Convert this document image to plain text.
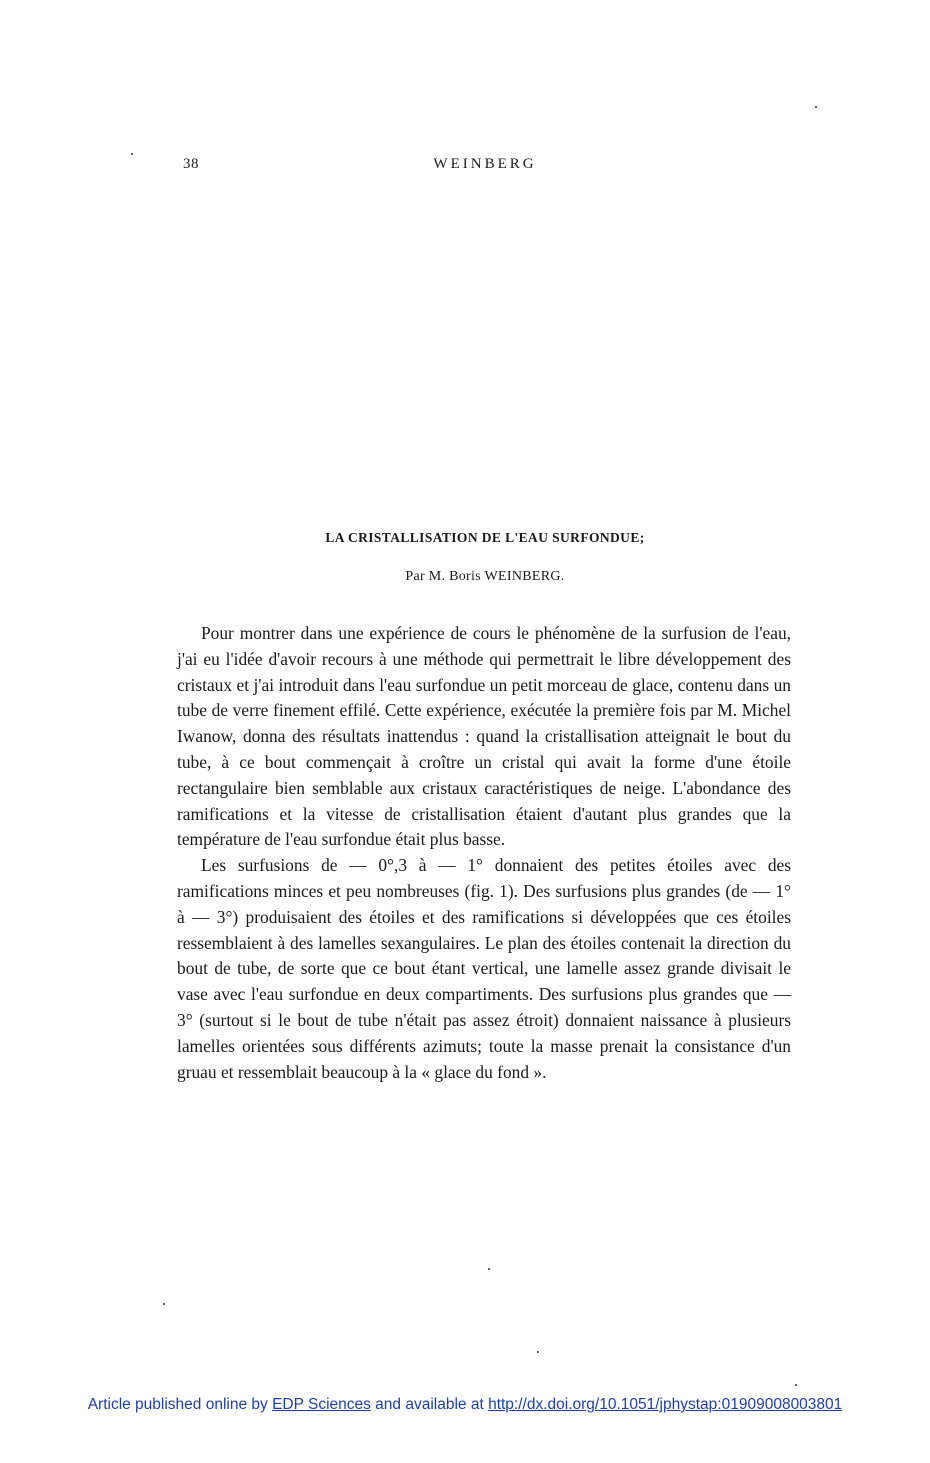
38	WEINBERG
LA CRISTALLISATION DE L'EAU SURFONDUE;
Par M. Boris WEINBERG.

Pour montrer dans une expérience de cours le phénomène de la surfusion de l'eau, j'ai eu l'idée d'avoir recours à une méthode qui permettrait le libre développement des cristaux et j'ai introduit dans l'eau surfondue un petit morceau de glace, contenu dans un tube de verre finement effilé. Cette expérience, exécutée la première fois par M. Michel Iwanow, donna des résultats inattendus : quand la cristallisation atteignait le bout du tube, à ce bout commençait à croître un cristal qui avait la forme d'une étoile rectangulaire bien semblable aux cristaux caractéristiques de neige. L'abondance des ramifications et la vitesse de cristallisation étaient d'autant plus grandes que la température de l'eau surfondue était plus basse.

Les surfusions de — 0°,3 à — 1° donnaient des petites étoiles avec des ramifications minces et peu nombreuses (fig. 1). Des surfusions plus grandes (de — 1° à — 3°) produisaient des étoiles et des ramifications si développées que ces étoiles ressemblaient à des lamelles sexangulaires. Le plan des étoiles contenait la direction du bout de tube, de sorte que ce bout étant vertical, une lamelle assez grande divisait le vase avec l'eau surfondue en deux compartiments. Des surfusions plus grandes que — 3° (surtout si le bout de tube n'était pas assez étroit) donnaient naissance à plusieurs lamelles orientées sous différents azimuts; toute la masse prenait la consistance d'un gruau et ressemblait beaucoup à la « glace du fond ».

Article published online by EDP Sciences and available at http://dx.doi.org/10.1051/jphystap:01909008003801
